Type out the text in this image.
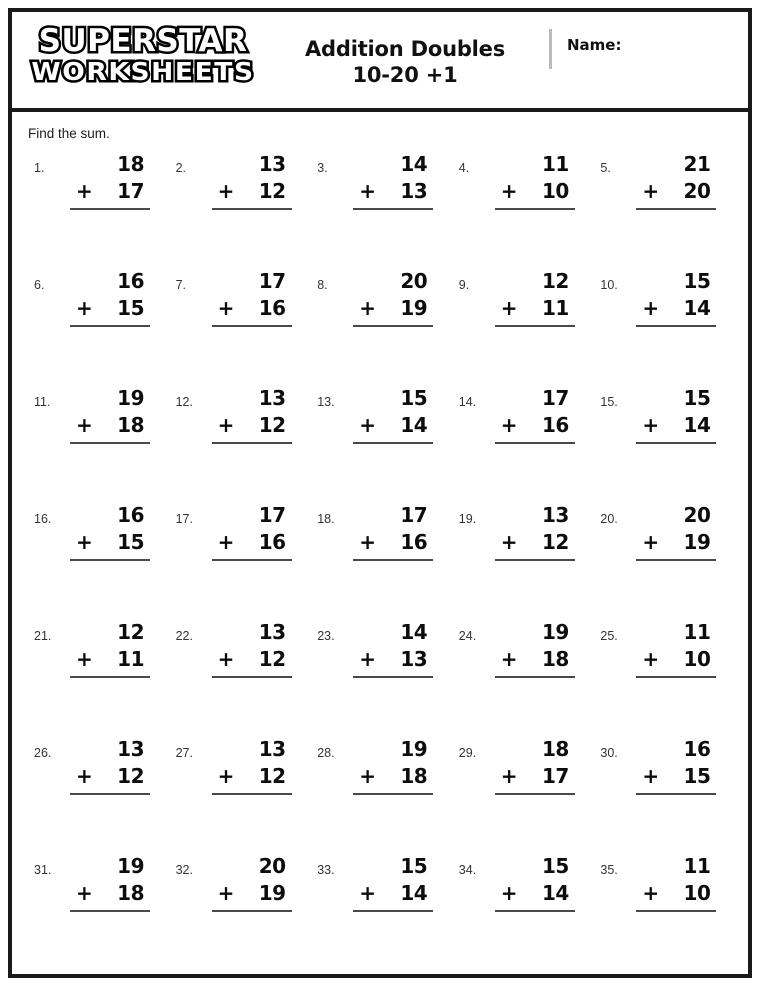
SUPERSTAR
WORKSHEETS
Addition Doubles
10-20 +1
Name:
Find the sum.
1.	18
+ 17
2.	13
+ 12
3.	14
+ 13
4.	11
+ 10
5.	21
+ 20
6.	16
+ 15
7.	17
+ 16
8.	20
+ 19
9.	12
+ 11
10.	15
+ 14
11.	19
+ 18
12.	13
+ 12
13.	15
+ 14
14.	17
+ 16
15.	15
+ 14
16.	16
+ 15
17.	17
+ 16
18.	17
+ 16
19.	13
+ 12
20.	20
+ 19
21.	12
+ 11
22.	13
+ 12
23.	14
+ 13
24.	19
+ 18
25.	11
+ 10
26.	13
+ 12
27.	13
+ 12
28.	19
+ 18
29.	18
+ 17
30.	16
+ 15
31.	19
+ 18
32.	20
+ 19
33.	15
+ 14
34.	15
+ 14
35.	11
+ 10
